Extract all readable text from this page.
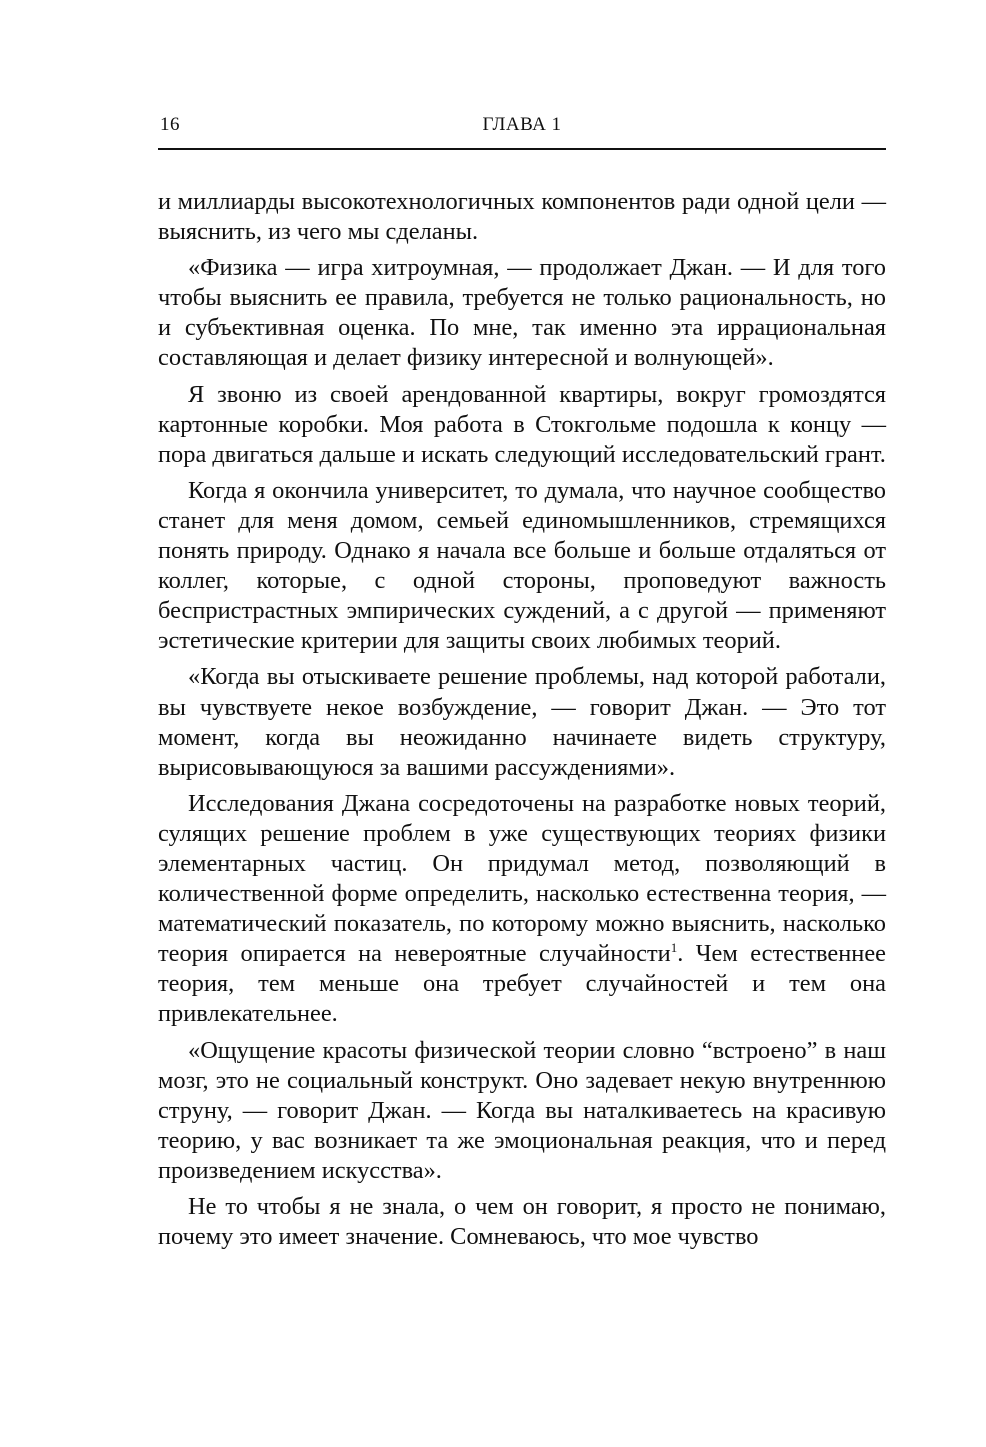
16	ГЛАВА 1

и миллиарды высокотехнологичных компонентов ради одной цели — выяснить, из чего мы сделаны.

«Физика — игра хитроумная, — продолжает Джан. — И для того чтобы выяснить ее правила, требуется не только рациональность, но и субъективная оценка. По мне, так именно эта иррациональная составляющая и делает физику интересной и волнующей».

Я звоню из своей арендованной квартиры, вокруг громоздятся картонные коробки. Моя работа в Стокгольме подошла к концу — пора двигаться дальше и искать следующий исследовательский грант.

Когда я окончила университет, то думала, что научное сообщество станет для меня домом, семьей единомышленников, стремящихся понять природу. Однако я начала все больше и больше отдаляться от коллег, которые, с одной стороны, проповедуют важность беспристрастных эмпирических суждений, а с другой — применяют эстетические критерии для защиты своих любимых теорий.

«Когда вы отыскиваете решение проблемы, над которой работали, вы чувствуете некое возбуждение, — говорит Джан. — Это тот момент, когда вы неожиданно начинаете видеть структуру, вырисовывающуюся за вашими рассуждениями».

Исследования Джана сосредоточены на разработке новых теорий, сулящих решение проблем в уже существующих теориях физики элементарных частиц. Он придумал метод, позволяющий в количественной форме определить, насколько естественна теория, — математический показатель, по которому можно выяснить, насколько теория опирается на невероятные случайности$^1$. Чем естественнее теория, тем меньше она требует случайностей и тем она привлекательнее.

«Ощущение красоты физической теории словно “встроено” в наш мозг, это не социальный конструкт. Оно задевает некую внутреннюю струну, — говорит Джан. — Когда вы наталкиваетесь на красивую теорию, у вас возникает та же эмоциональная реакция, что и перед произведением искусства».

Не то чтобы я не знала, о чем он говорит, я просто не понимаю, почему это имеет значение. Сомневаюсь, что мое чувство
